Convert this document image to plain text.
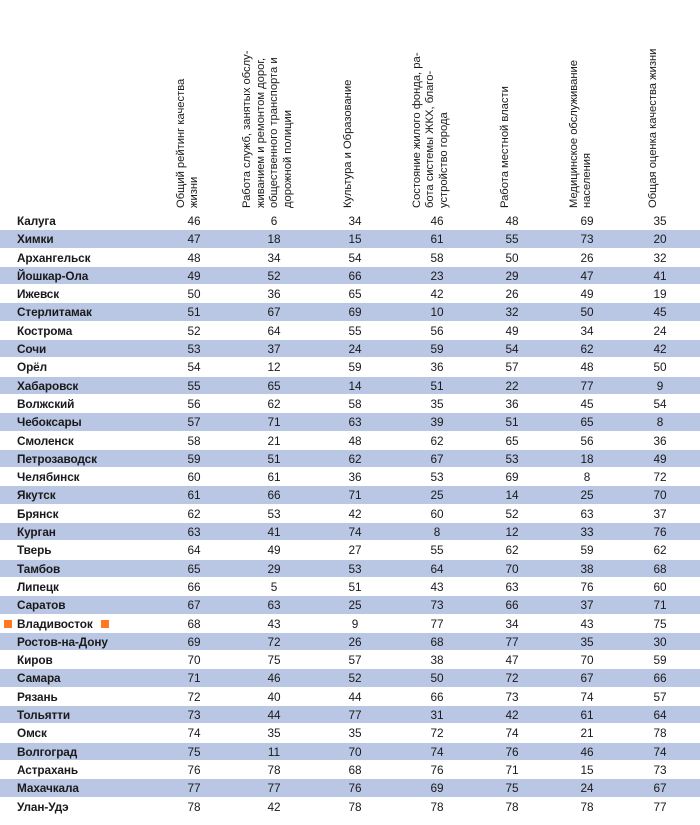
Общий рейтинг качества жизни	Работа служб, занятых обслу- живанием и ремонтом дорог, общественного транспорта и дорожной полиции	Культура и Образование	Состояние жилого фонда, ра- бота системы ЖКХ, благо- устройство города	Работа местной власти	Медицинское обслуживание населения	Общая оценка качества жизни
Калуга	46	6	34	46	48	69	35
Химки	47	18	15	61	55	73	20
Архангельск	48	34	54	58	50	26	32
Йошкар-Ола	49	52	66	23	29	47	41
Ижевск	50	36	65	42	26	49	19
Стерлитамак	51	67	69	10	32	50	45
Кострома	52	64	55	56	49	34	24
Сочи	53	37	24	59	54	62	42
Орёл	54	12	59	36	57	48	50
Хабаровск	55	65	14	51	22	77	9
Волжский	56	62	58	35	36	45	54
Чебоксары	57	71	63	39	51	65	8
Смоленск	58	21	48	62	65	56	36
Петрозаводск	59	51	62	67	53	18	49
Челябинск	60	61	36	53	69	8	72
Якутск	61	66	71	25	14	25	70
Брянск	62	53	42	60	52	63	37
Курган	63	41	74	8	12	33	76
Тверь	64	49	27	55	62	59	62
Тамбов	65	29	53	64	70	38	68
Липецк	66	5	51	43	63	76	60
Саратов	67	63	25	73	66	37	71
Владивосток	68	43	9	77	34	43	75
Ростов-на-Дону	69	72	26	68	77	35	30
Киров	70	75	57	38	47	70	59
Самара	71	46	52	50	72	67	66
Рязань	72	40	44	66	73	74	57
Тольятти	73	44	77	31	42	61	64
Омск	74	35	35	72	74	21	78
Волгоград	75	11	70	74	76	46	74
Астрахань	76	78	68	76	71	15	73
Махачкала	77	77	76	69	75	24	67
Улан-Удэ	78	42	78	78	78	78	77
